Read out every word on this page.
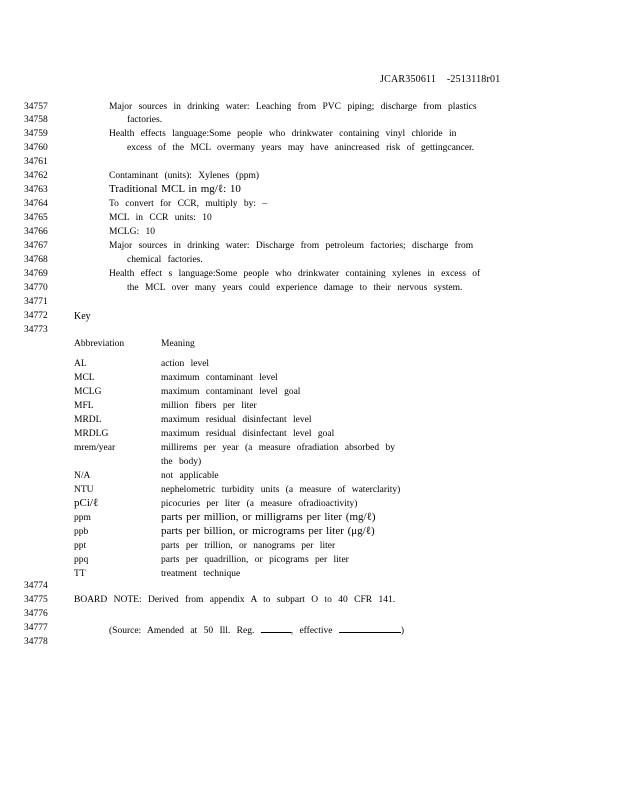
JCAR350611 -2513118r01
34757
34758
34759
34760
34761
34762
34763
34764
34765
34766
34767
34768
34769
34770
34771
34772
34773
34774
34775
34776
34777
34778
Major sources in drinking water: Leaching from PVC piping; discharge from plastics
factories.
Health effects language:Some people who drinkwater containing vinyl chloride in
excess of the MCL overmany years may have anincreased risk of gettingcancer.
Contaminant (units): Xylenes (ppm)
Traditional MCL in mg/ℓ: 10
To convert for CCR, multiply by: –
MCL in CCR units: 10
MCLG: 10
Major sources in drinking water: Discharge from petroleum factories; discharge from
chemical factories.
Health effect s language:Some people who drinkwater containing xylenes in excess of
the MCL over many years could experience damage to their nervous system.
Key
Abbreviation	Meaning
AL	action level
MCL	maximum contaminant level
MCLG	maximum contaminant level goal
MFL	million fibers per liter
MRDL	maximum residual disinfectant level
MRDLG	maximum residual disinfectant level goal
mrem/year	millirems per year (a measure ofradiation absorbed by
the body)
N/A	not applicable
NTU	nephelometric turbidity units (a measure of waterclarity)
pCi/ℓ	picocuries per liter (a measure ofradioactivity)
ppm	parts per million, or milligrams per liter (mg/ℓ)
ppb	parts per billion, or micrograms per liter (μg/ℓ)
ppt	parts per trillion, or nanograms per liter
ppq	parts per quadrillion, or picograms per liter
TT	treatment technique
BOARD NOTE: Derived from appendix A to subpart O to 40 CFR 141.
(Source: Amended at 50 Ill. Reg.	, effective	)
